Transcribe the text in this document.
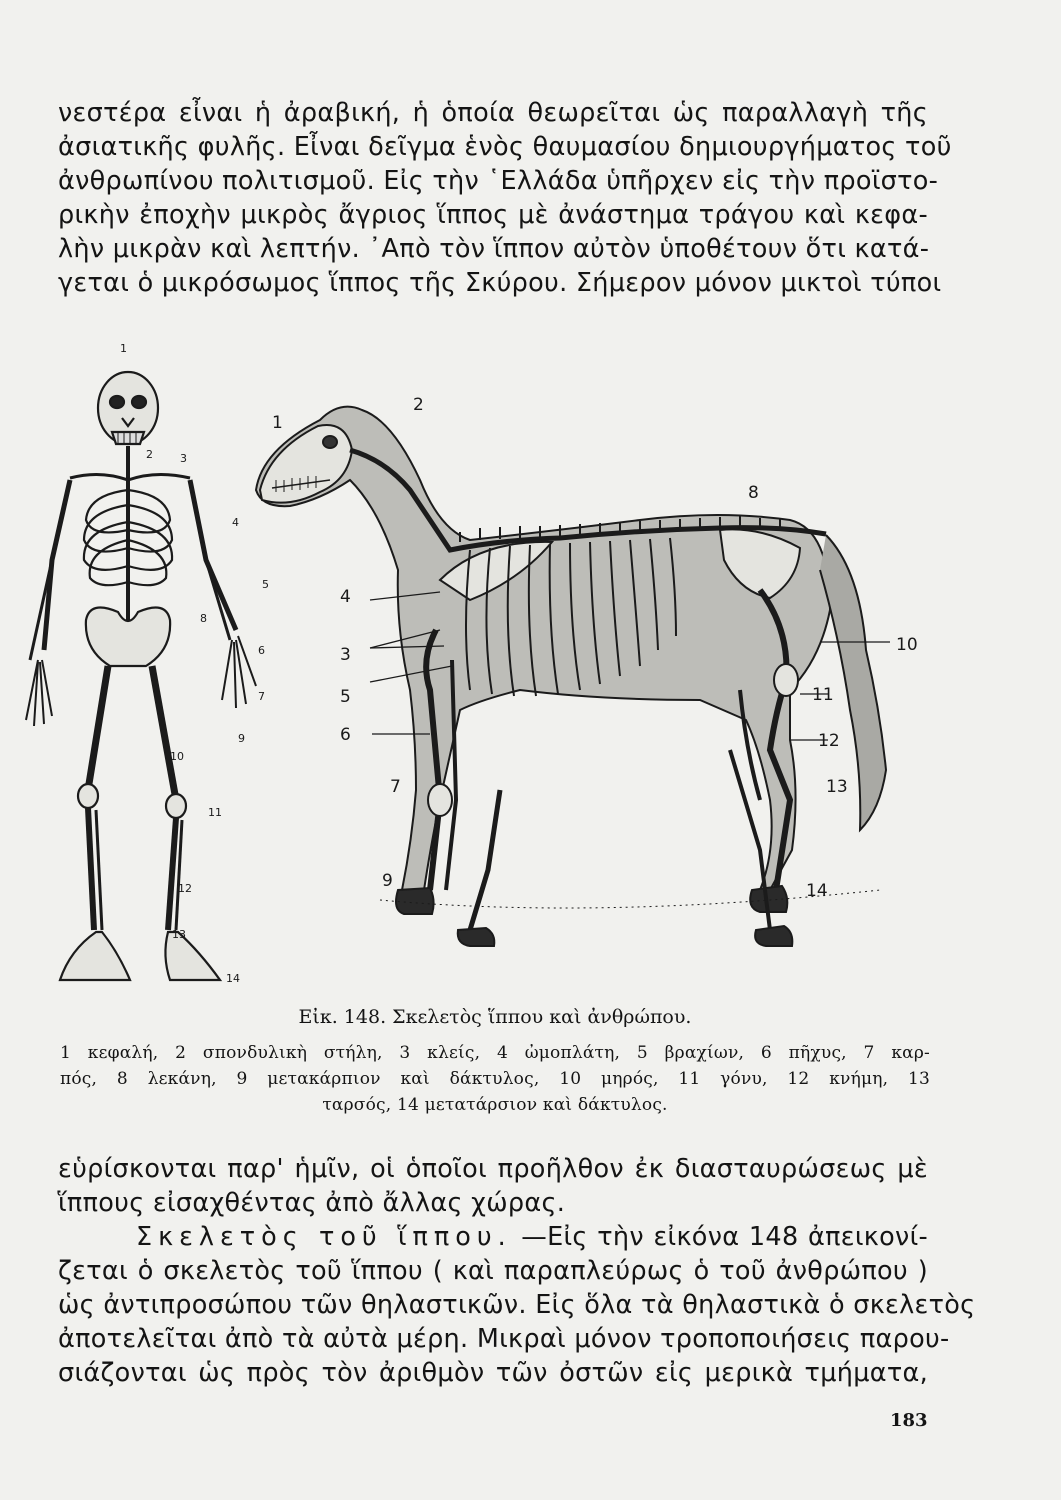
νεστέρα εἶναι ἡ ἀραβική, ἡ ὁποία θεωρεῖται ὡς παραλλαγὴ τῆς
ἀσιατικῆς φυλῆς. Εἶναι δεῖγμα ἑνὸς θαυμασίου δημιουργήματος τοῦ
ἀνθρωπίνου πολιτισμοῦ. Εἰς τὴν ῾Ελλάδα ὑπῆρχεν εἰς τὴν προϊστο-
ρικὴν ἐποχὴν μικρὸς ἄγριος ἵππος μὲ ἀνάστημα τράγου καὶ κεφα-
λὴν μικρὰν καὶ λεπτήν. ᾿Απὸ τὸν ἵππον αὐτὸν ὑποθέτουν ὅτι κατά-
γεται ὁ μικρόσωμος ἵππος τῆς Σκύρου. Σήμερον μόνον μικτοὶ τύποι
1
2
3
4
5
6
7
8
9
10
11
12
13
14
1
2 3
4
5
6
7
8
9
10
11
12
13
14
Εἰκ. 148. Σκελετὸς ἵππου καὶ ἀνθρώπου.
1 κεφαλή, 2 σπονδυλικὴ στήλη, 3 κλείς, 4 ὠμοπλάτη, 5 βραχίων, 6 πῆχυς, 7 καρ-
πός, 8 λεκάνη, 9 μετακάρπιον καὶ δάκτυλος, 10 μηρός, 11 γόνυ, 12 κνήμη, 13
ταρσός, 14 μετατάρσιον καὶ δάκτυλος.
εὑρίσκονται παρ' ἡμῖν, οἱ ὁποῖοι προῆλθον ἐκ διασταυρώσεως μὲ
ἵππους εἰσαχθέντας ἀπὸ ἄλλας χώρας.
Σκελετὸς τοῦ ἵππου. —Εἰς τὴν εἰκόνα 148 ἀπεικονί-
ζεται ὁ σκελετὸς τοῦ ἵππου ( καὶ παραπλεύρως ὁ τοῦ ἀνθρώπου )
ὡς ἀντιπροσώπου τῶν θηλαστικῶν. Εἰς ὅλα τὰ θηλαστικὰ ὁ σκελετὸς
ἀποτελεῖται ἀπὸ τὰ αὐτὰ μέρη. Μικραὶ μόνον τροποποιήσεις παρου-
σιάζονται ὡς πρὸς τὸν ἀριθμὸν τῶν ὀστῶν εἰς μερικὰ τμήματα,
183
